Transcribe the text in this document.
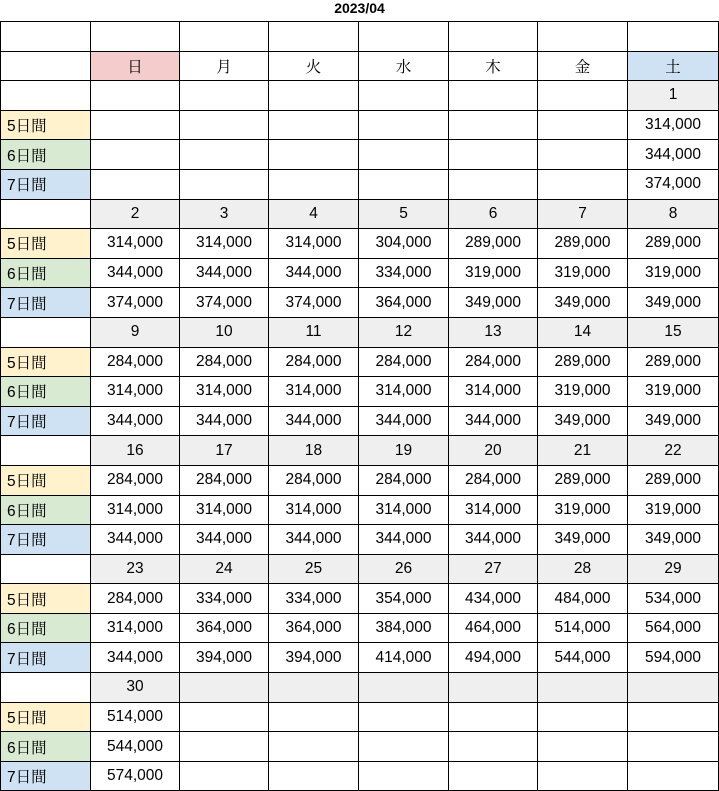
2023/04

	日	月	火	水	木	金	土
							1
5日間							314,000
6日間							344,000
7日間							374,000
	2	3	4	5	6	7	8
5日間	314,000	314,000	314,000	304,000	289,000	289,000	289,000
6日間	344,000	344,000	344,000	334,000	319,000	319,000	319,000
7日間	374,000	374,000	374,000	364,000	349,000	349,000	349,000
	9	10	11	12	13	14	15
5日間	284,000	284,000	284,000	284,000	284,000	289,000	289,000
6日間	314,000	314,000	314,000	314,000	314,000	319,000	319,000
7日間	344,000	344,000	344,000	344,000	344,000	349,000	349,000
	16	17	18	19	20	21	22
5日間	284,000	284,000	284,000	284,000	284,000	289,000	289,000
6日間	314,000	314,000	314,000	314,000	314,000	319,000	319,000
7日間	344,000	344,000	344,000	344,000	344,000	349,000	349,000
	23	24	25	26	27	28	29
5日間	284,000	334,000	334,000	354,000	434,000	484,000	534,000
6日間	314,000	364,000	364,000	384,000	464,000	514,000	564,000
7日間	344,000	394,000	394,000	414,000	494,000	544,000	594,000
	30						
5日間	514,000						
6日間	544,000						
7日間	574,000						
